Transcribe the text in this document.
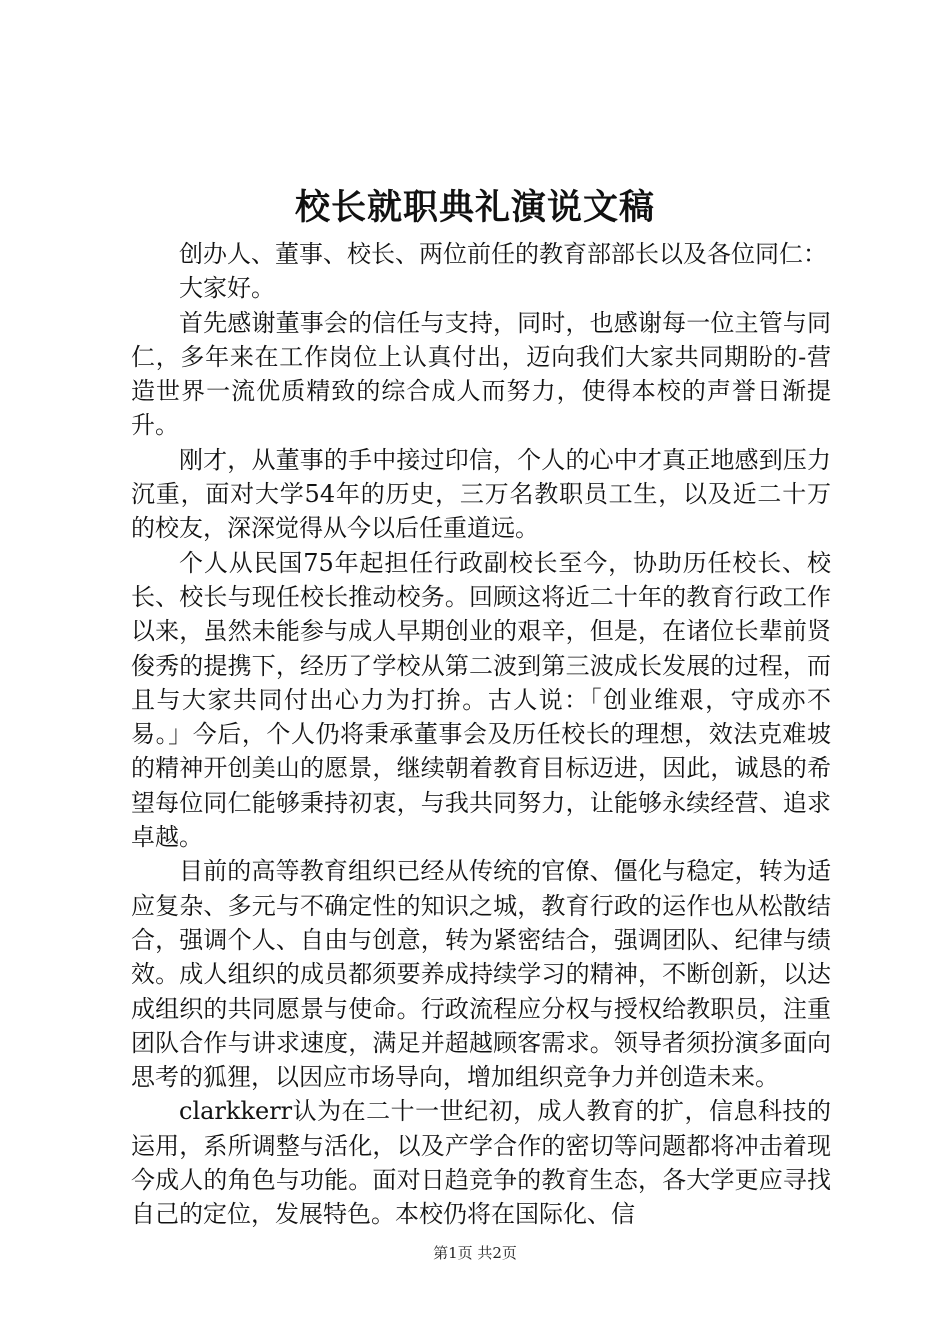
校长就职典礼演说文稿

创办人、董事、校长、两位前任的教育部部长以及各位同仁：

大家好。

首先感谢董事会的信任与支持，同时，也感谢每一位主管与同仁，多年来在工作岗位上认真付出，迈向我们大家共同期盼的-营造世界一流优质精致的综合成人而努力，使得本校的声誉日渐提升。

刚才，从董事的手中接过印信，个人的心中才真正地感到压力沉重，面对大学54年的历史，三万名教职员工生，以及近二十万的校友，深深觉得从今以后任重道远。

个人从民国75年起担任行政副校长至今，协助历任校长、校长、校长与现任校长推动校务。回顾这将近二十年的教育行政工作以来，虽然未能参与成人早期创业的艰辛，但是，在诸位长辈前贤俊秀的提携下，经历了学校从第二波到第三波成长发展的过程，而且与大家共同付出心力为打拚。古人说：「创业维艰，守成亦不易。」今后，个人仍将秉承董事会及历任校长的理想，效法克难坡的精神开创美山的愿景，继续朝着教育目标迈进，因此，诚恳的希望每位同仁能够秉持初衷，与我共同努力，让能够永续经营、追求卓越。

目前的高等教育组织已经从传统的官僚、僵化与稳定，转为适应复杂、多元与不确定性的知识之城，教育行政的运作也从松散结合，强调个人、自由与创意，转为紧密结合，强调团队、纪律与绩效。成人组织的成员都须要养成持续学习的精神，不断创新，以达成组织的共同愿景与使命。行政流程应分权与授权给教职员，注重团队合作与讲求速度，满足并超越顾客需求。领导者须扮演多面向思考的狐狸，以因应市场导向，增加组织竞争力并创造未来。

clarkkerr认为在二十一世纪初，成人教育的扩，信息科技的运用，系所调整与活化，以及产学合作的密切等问题都将冲击着现今成人的角色与功能。面对日趋竞争的教育生态，各大学更应寻找自己的定位，发展特色。本校仍将在国际化、信

第1页 共2页
